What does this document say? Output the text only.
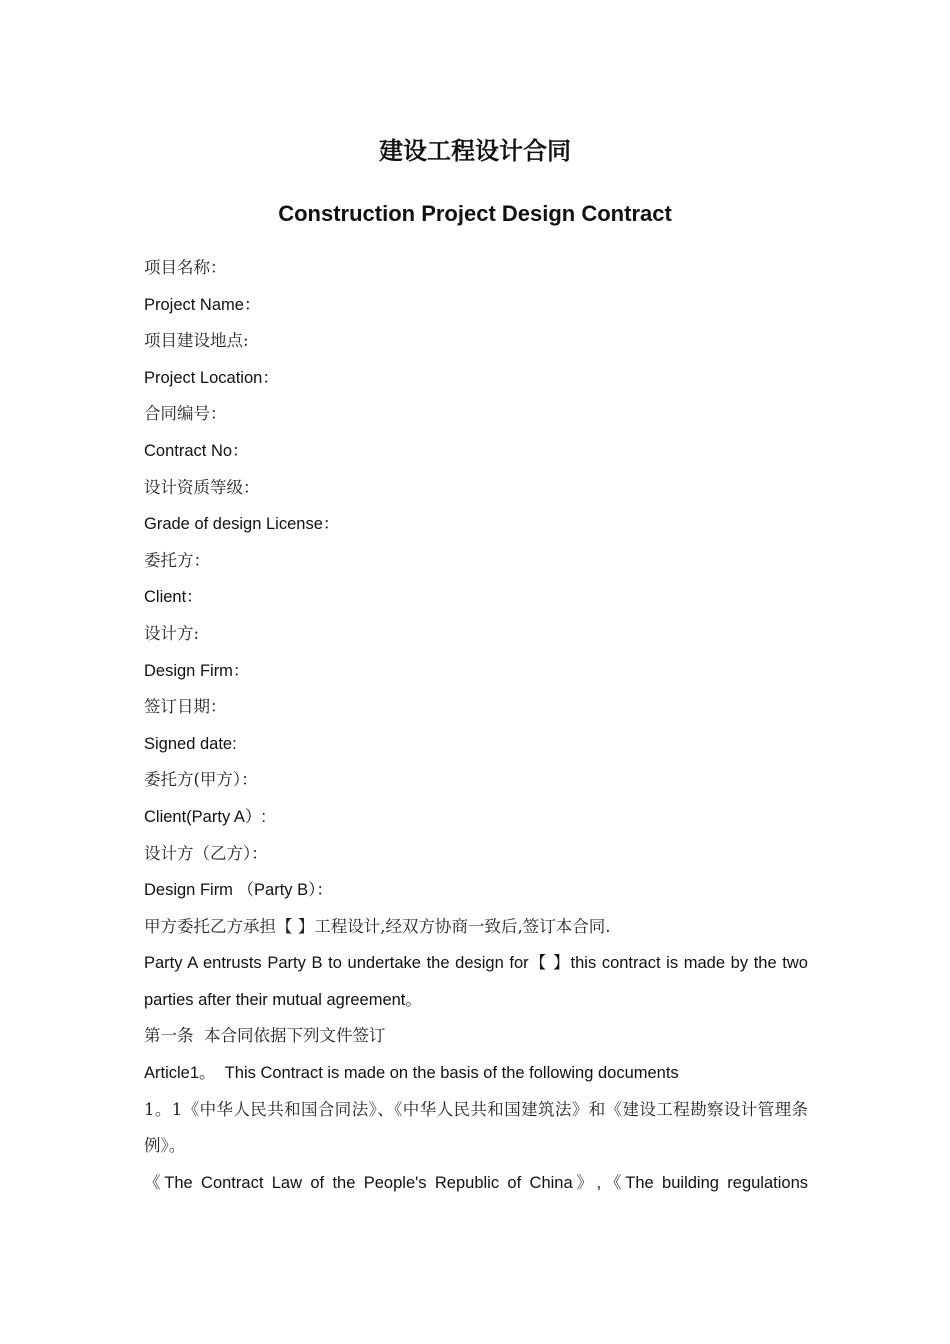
建设工程设计合同
Construction Project Design Contract
项目名称：
Project Name：
项目建设地点:
Project Location：
合同编号：
Contract No：
设计资质等级：
Grade of design License：
委托方：
Client：
设计方:
Design Firm：
签订日期：
Signed date:
委托方(甲方）：
Client(Party A）:
设计方（乙方）：
Design Firm （Party B）：
甲方委托乙方承担【 】工程设计,经双方协商一致后,签订本合同.
Party A entrusts Party B to undertake the design for【 】this contract is made by the two parties after their mutual agreement。
第一条  本合同依据下列文件签订
Article1。  This Contract is made on the basis of the following documents
1。1《中华人民共和国合同法》、《中华人民共和国建筑法》和《建设工程勘察设计管理条例》。
《The Contract Law of the People's Republic of China》,《The building regulations
